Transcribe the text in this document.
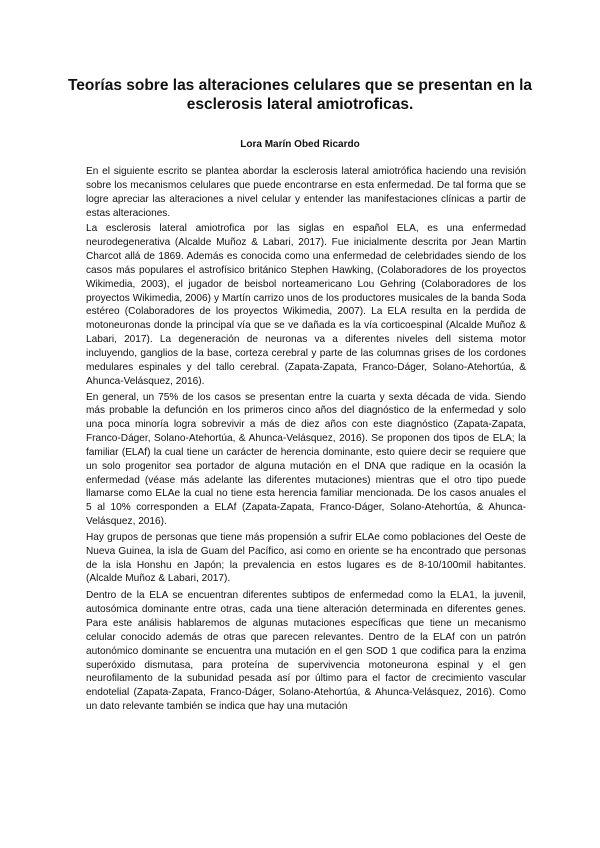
Teorías sobre las alteraciones celulares que se presentan en la esclerosis lateral amiotroficas.
Lora Marín Obed Ricardo

En el siguiente escrito se plantea abordar la esclerosis lateral amiotrófica haciendo una revisión sobre los mecanismos celulares que puede encontrarse en esta enfermedad. De tal forma que se logre apreciar las alteraciones a nivel celular y entender las manifestaciones clínicas a partir de estas alteraciones.

La esclerosis lateral amiotrofica por las siglas en español ELA, es una enfermedad neurodegenerativa (Alcalde Muñoz & Labari, 2017). Fue inicialmente descrita por Jean Martin Charcot allá de 1869. Además es conocida como una enfermedad de celebridades siendo de los casos más populares el astrofísico británico Stephen Hawking, (Colaboradores de los proyectos Wikimedia, 2003), el jugador de beisbol norteamericano Lou Gehring (Colaboradores de los proyectos Wikimedia, 2006) y Martín carrizo unos de los productores musicales de la banda Soda estéreo (Colaboradores de los proyectos Wikimedia, 2007). La ELA resulta en la perdida de motoneuronas donde la principal vía que se ve dañada es la vía corticoespinal (Alcalde Muñoz & Labari, 2017). La degeneración de neuronas va a diferentes niveles dell sistema motor incluyendo, ganglios de la base, corteza cerebral y parte de las columnas grises de los cordones medulares espinales y del tallo cerebral. (Zapata-Zapata, Franco-Dáger, Solano-Atehortúa, & Ahunca-Velásquez, 2016).

En general, un 75% de los casos se presentan entre la cuarta y sexta década de vida. Siendo más probable la defunción en los primeros cinco años del diagnóstico de la enfermedad y solo una poca minoría logra sobrevivir a más de diez años con este diagnóstico (Zapata-Zapata, Franco-Dáger, Solano-Atehortúa, & Ahunca-Velásquez, 2016). Se proponen dos tipos de ELA; la familiar (ELAf) la cual tiene un carácter de herencia dominante, esto quiere decir se requiere que un solo progenitor sea portador de alguna mutación en el DNA que radique en la ocasión la enfermedad (véase más adelante las diferentes mutaciones) mientras que el otro tipo puede llamarse como ELAe la cual no tiene esta herencia familiar mencionada. De los casos anuales el 5 al 10% corresponden a ELAf (Zapata-Zapata, Franco-Dáger, Solano-Atehortúa, & Ahunca-Velásquez, 2016).

Hay grupos de personas que tiene más propensión a sufrir ELAe como poblaciones del Oeste de Nueva Guinea, la isla de Guam del Pacífico, asi como en oriente se ha encontrado que personas de la isla Honshu en Japón; la prevalencia en estos lugares es de 8-10/100mil habitantes. (Alcalde Muñoz & Labari, 2017).

Dentro de la ELA se encuentran diferentes subtipos de enfermedad como la ELA1, la juvenil, autosómica dominante entre otras, cada una tiene alteración determinada en diferentes genes. Para este análisis hablaremos de algunas mutaciones específicas que tiene un mecanismo celular conocido además de otras que parecen relevantes. Dentro de la ELAf con un patrón autonómico dominante se encuentra una mutación en el gen SOD 1 que codifica para la enzima superóxido dismutasa, para proteína de supervivencia motoneurona espinal y el gen neurofilamento de la subunidad pesada así por último para el factor de crecimiento vascular endotelial (Zapata-Zapata, Franco-Dáger, Solano-Atehortúa, & Ahunca-Velásquez, 2016). Como un dato relevante también se indica que hay una mutación
